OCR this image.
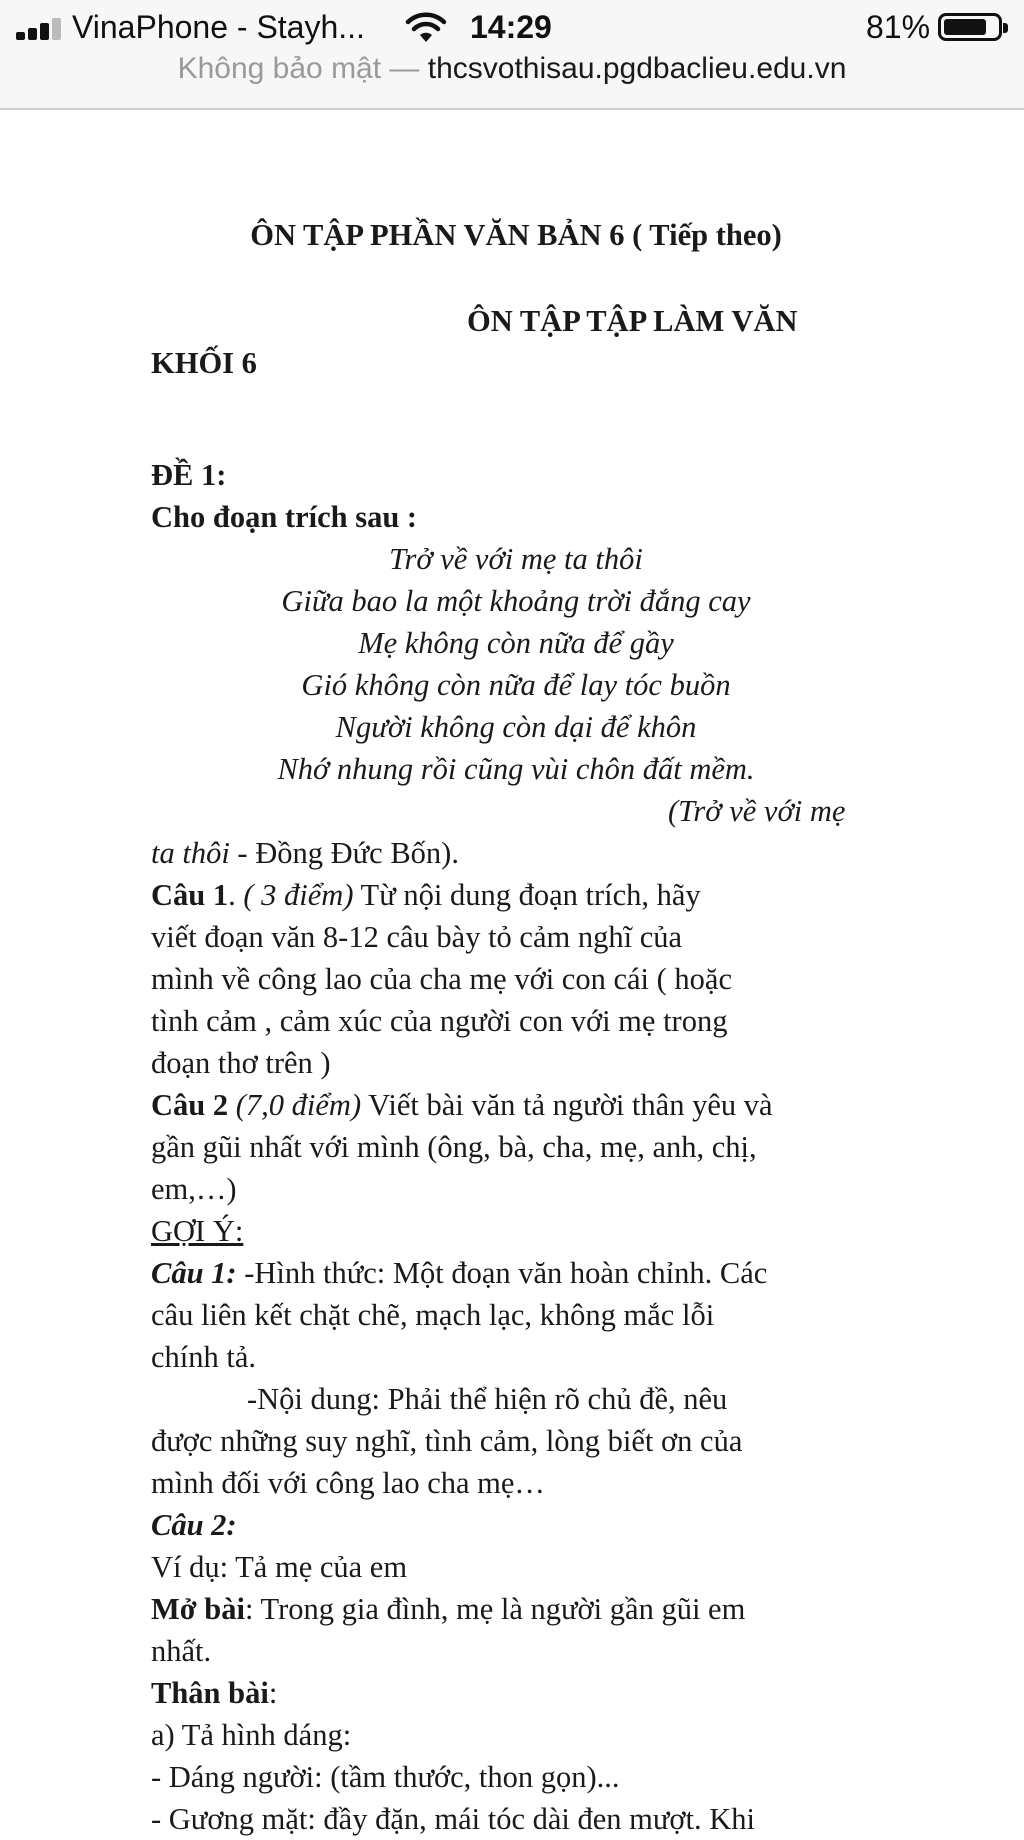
VinaPhone - Stayh...	14:29	81%
Không bảo mật — thcsvothisau.pgdbaclieu.edu.vn
ÔN TẬP PHẦN VĂN BẢN 6 ( Tiếp theo)
ÔN TẬP TẬP LÀM VĂN
KHỐI 6
ĐỀ 1:
Cho đoạn trích sau :
Trở về với mẹ ta thôi
Giữa bao la một khoảng trời đắng cay
Mẹ không còn nữa để gầy
Gió không còn nữa để lay tóc buồn
Người không còn dại để khôn
Nhớ nhung rồi cũng vùi chôn đất mềm.
(Trở về với mẹ
ta thôi - Đồng Đức Bốn).
Câu 1. ( 3 điểm) Từ nội dung đoạn trích, hãy
viết đoạn văn 8-12 câu bày tỏ cảm nghĩ của
mình về công lao của cha mẹ với con cái ( hoặc
tình cảm , cảm xúc của người con với mẹ trong
đoạn thơ trên )
Câu 2 (7,0 điểm) Viết bài văn tả người thân yêu và
gần gũi nhất với mình (ông, bà, cha, mẹ, anh, chị,
em,…)
GỢI Ý:
Câu 1: -Hình thức: Một đoạn văn hoàn chỉnh. Các
câu liên kết chặt chẽ, mạch lạc, không mắc lỗi
chính tả.
-Nội dung: Phải thể hiện rõ chủ đề, nêu
được những suy nghĩ, tình cảm, lòng biết ơn của
mình đối với công lao cha mẹ…
Câu 2:
Ví dụ: Tả mẹ của em
Mở bài: Trong gia đình, mẹ là người gần gũi em
nhất.
Thân bài:
a) Tả hình dáng:
- Dáng người: (tầm thước, thon gọn)...
- Gương mặt: đầy đặn, mái tóc dài đen mượt. Khi
